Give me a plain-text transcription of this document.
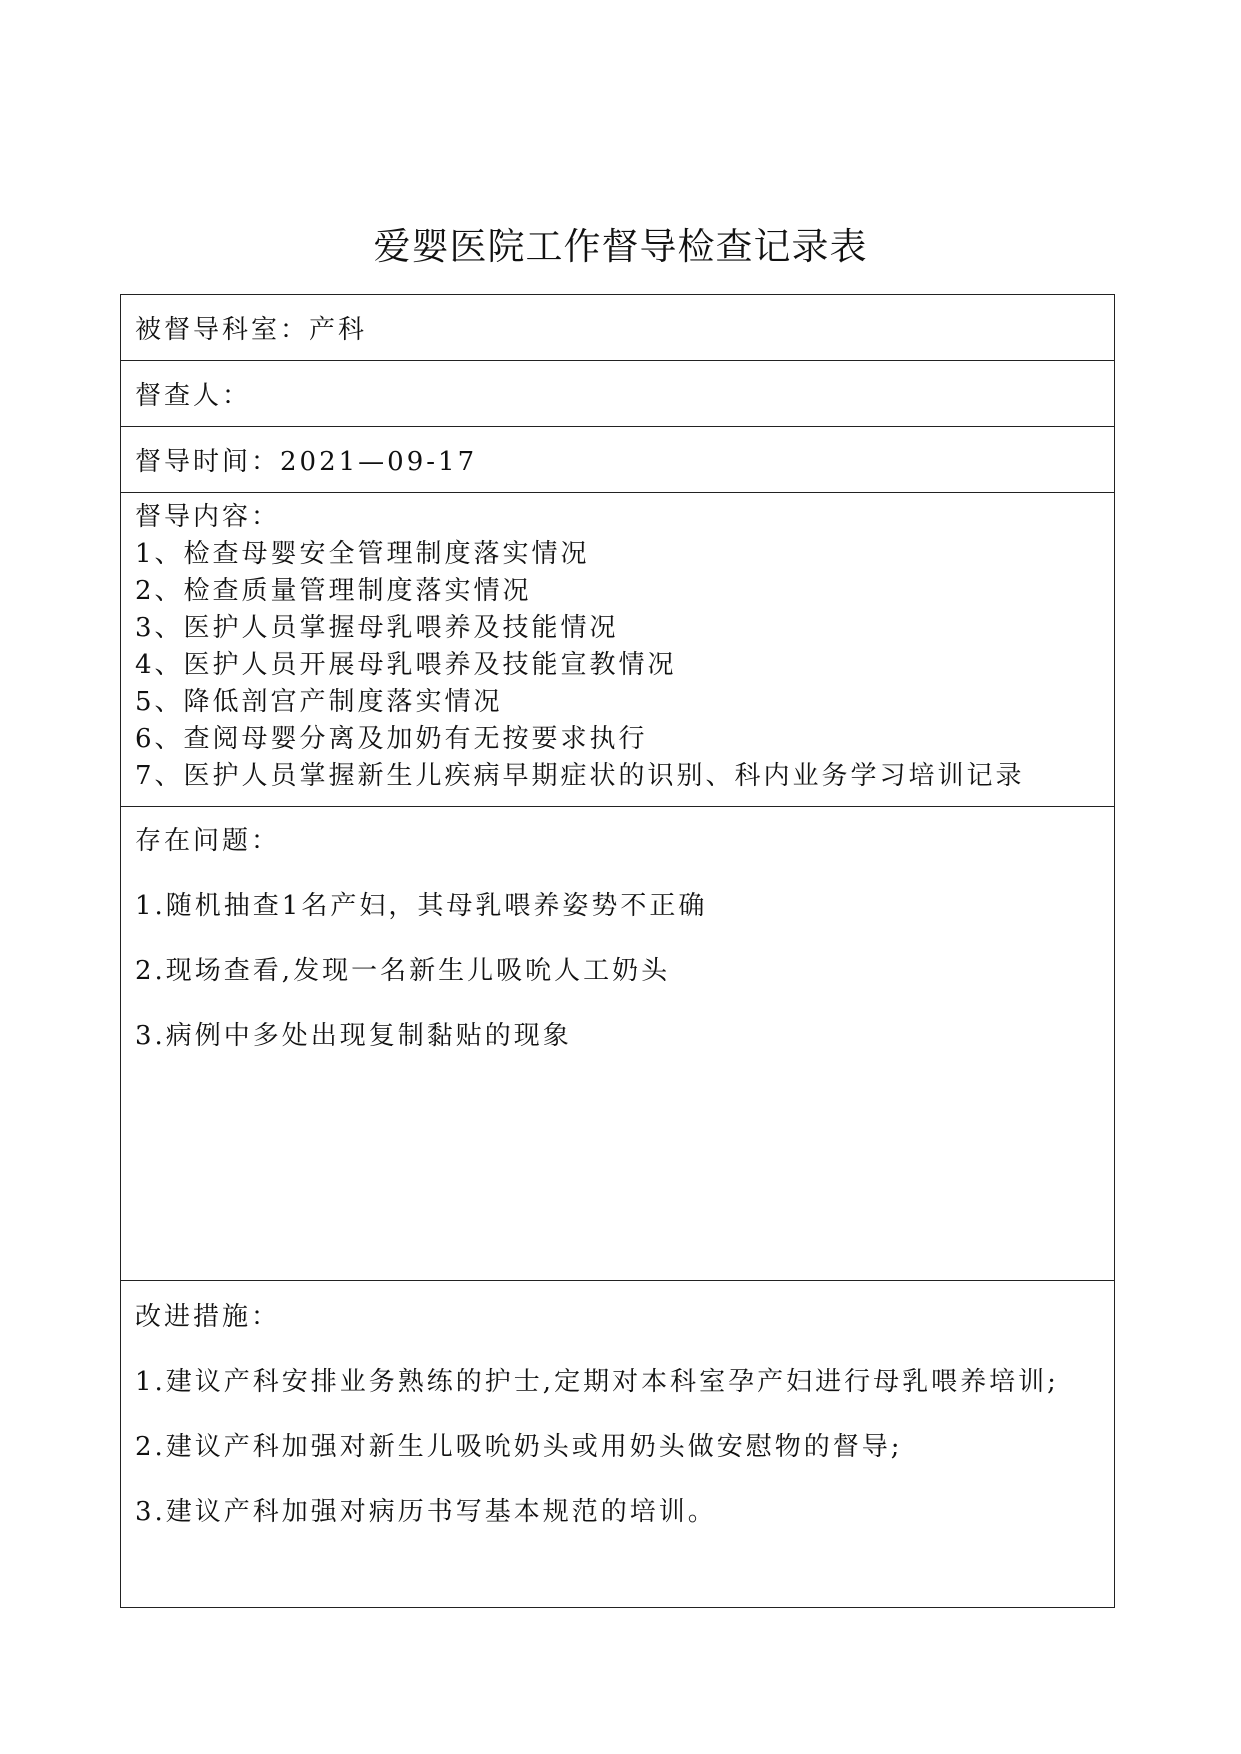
爱婴医院工作督导检查记录表
被督导科室：产科
督查人：
督导时间：2021—09-17
督导内容：
1、检查母婴安全管理制度落实情况
2、检查质量管理制度落实情况
3、医护人员掌握母乳喂养及技能情况
4、医护人员开展母乳喂养及技能宣教情况
5、降低剖宫产制度落实情况
6、查阅母婴分离及加奶有无按要求执行
7、医护人员掌握新生儿疾病早期症状的识别、科内业务学习培训记录
存在问题：
1.随机抽查1名产妇，其母乳喂养姿势不正确
2.现场查看,发现一名新生儿吸吮人工奶头
3.病例中多处出现复制黏贴的现象
改进措施：
1.建议产科安排业务熟练的护士,定期对本科室孕产妇进行母乳喂养培训;
2.建议产科加强对新生儿吸吮奶头或用奶头做安慰物的督导;
3.建议产科加强对病历书写基本规范的培训。
